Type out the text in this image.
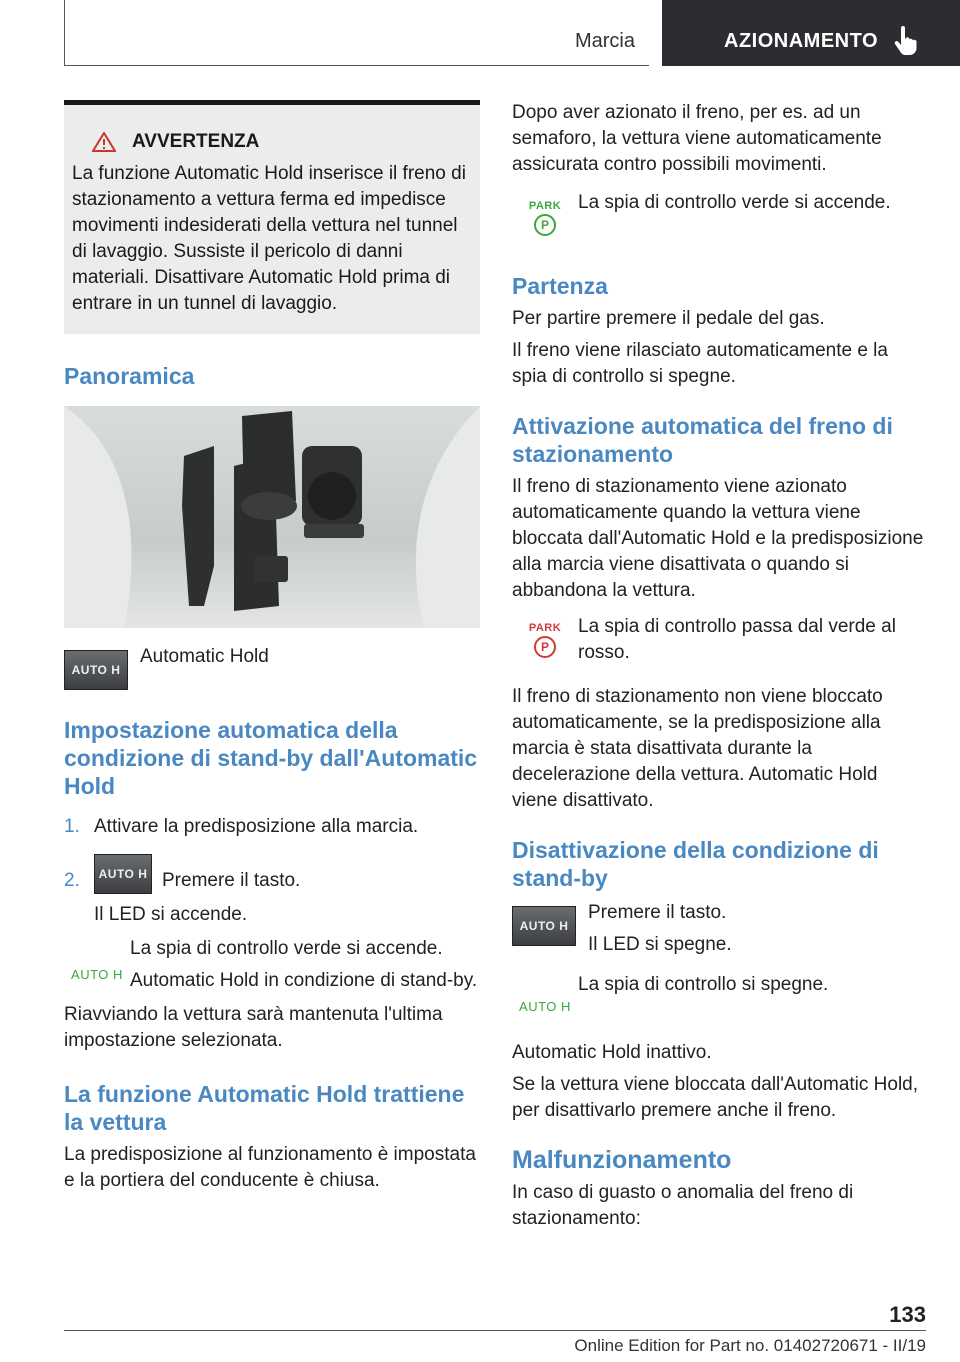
Marcia	AZIONAMENTO
AVVERTENZA

La funzione Automatic Hold inserisce il freno di stazionamento a vettura ferma ed impedisce movimenti indesiderati della vettura nel tunnel di lavaggio. Sussiste il pericolo di danni materiali. Disattivare Automatic Hold prima di entrare in un tunnel di lavaggio.

Panoramica
AUTO H

Automatic Hold

Impostazione automatica della condizione di stand-by dall'Automatic Hold
1. Attivare la predisposizione alla marcia.

2.	AUTO H Premere il tasto.

Il LED si accende.

AUTO H

La spia di controllo verde si accende.

Automatic Hold in condizione di stand-by.

Riavviando la vettura sarà mantenuta l'ultima impostazione selezionata.

La funzione Automatic Hold trattiene la vettura

La predisposizione al funzionamento è impostata e la portiera del conducente è chiusa.

Dopo aver azionato il freno, per es. ad un semaforo, la vettura viene automaticamente assicurata contro possibili movimenti.

PARK
P

La spia di controllo verde si accende.

Partenza

Per partire premere il pedale del gas.

Il freno viene rilasciato automaticamente e la spia di controllo si spegne.

Attivazione automatica del freno di stazionamento

Il freno di stazionamento viene azionato automaticamente quando la vettura viene bloccata dall'Automatic Hold e la predisposizione alla marcia viene disattivata o quando si abbandona la vettura.

PARK
P

La spia di controllo passa dal verde al rosso.

Il freno di stazionamento non viene bloccato automaticamente, se la predisposizione alla marcia è stata disattivata durante la decelerazione della vettura. Automatic Hold viene disattivato.

Disattivazione della condizione di stand-by
AUTO H

Premere il tasto.

Il LED si spegne.

AUTO H

La spia di controllo si spegne.

Automatic Hold inattivo.

Se la vettura viene bloccata dall'Automatic Hold, per disattivarlo premere anche il freno.

Malfunzionamento

In caso di guasto o anomalia del freno di stazionamento:

133
Online Edition for Part no. 01402720671 - II/19
